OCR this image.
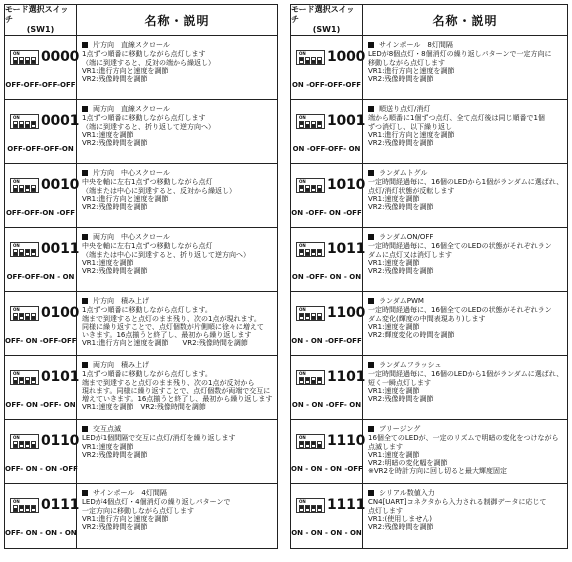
モード選択スイッチ
(SW1)
名称・説明
ON 0000
OFF-OFF-OFF-OFF
片方向　直線スクロール
1点ずつ順番に移動しながら点灯します
（端に到達すると、反対の端から繰返し）
VR1:進行方向と速度を調節
VR2:残像時間を調節
ON 0001
OFF-OFF-OFF-ON
両方向　直線スクロール
1点ずつ順番に移動しながら点灯します
（端に到達すると、折り返して逆方向へ）
VR1:速度を調節
VR2:残像時間を調節
ON 0010
OFF-OFF-ON -OFF
片方向　中心スクロール
中央を軸に左右1点ずつ移動しながら点灯
（端または中心に到達すると、反対から繰返し）
VR1:進行方向と速度を調節
VR2:残像時間を調節
ON 0011
OFF-OFF-ON - ON
両方向　中心スクロール
中央を軸に左右1点ずつ移動しながら点灯
（端または中心に到達すると、折り返して逆方向へ）
VR1:速度を調節
VR2:残像時間を調節
ON 0100
OFF- ON -OFF-OFF
片方向　積み上げ
1点ずつ順番に移動しながら点灯します。
端まで到達すると点灯のまま残り、次の1点が現れます。
同様に繰り返すことで、点灯個数が片側順に徐々に増えて
いきます。16点揃うと終了し、最初から繰り返します
VR1:進行方向と速度を調節　　VR2:残像時間を調節
ON 0101
OFF- ON -OFF- ON
両方向　積み上げ
1点ずつ順番に移動しながら点灯します。
端まで到達すると点灯のまま残り、次の1点が反対から
現れます。同様に繰り返すことで、点灯個数が両端で交互に
増えていきます。16点揃うと終了し、最初から繰り返します
VR1:速度を調節　VR2:残像時間を調節
ON 0110
OFF- ON - ON -OFF
交互点滅
LEDが1個間隔で交互に点灯/消灯を繰り返します
VR1:速度を調節
VR2:残像時間を調節
ON 0111
OFF- ON - ON - ON
サインポール　4灯間隔
LEDが4個点灯・4個消灯の繰り返しパターンで
一定方向に移動しながら点灯します
VR1:進行方向と速度を調節
VR2:残像時間を調節
モード選択スイッチ
(SW1)
名称・説明
ON 1000
ON -OFF-OFF-OFF
サインポール　8灯間隔
LEDが8個点灯・8個消灯の繰り返しパターンで一定方向に
移動しながら点灯します
VR1:進行方向と速度を調節
VR2:残像時間を調節
ON 1001
ON -OFF-OFF- ON
順送り点灯/消灯
端から順番に1個ずつ点灯、全て点灯後は同じ順番で1個
ずつ消灯し、以下繰り返し
VR1:進行方向と速度を調節
VR2:残像時間を調節
ON 1010
ON -OFF- ON -OFF
ランダムトグル
一定時間経過毎に、16個のLEDから1個がランダムに選ばれ、
点灯/消灯状態が反転します
VR1:速度を調節
VR2:残像時間を調節
ON 1011
ON -OFF- ON - ON
ランダムON/OFF
一定時間経過毎に、16個全てのLEDの状態がそれぞれラン
ダムに点灯又は消灯します
VR1:速度を調節
VR2:残像時間を調節
ON 1100
ON - ON -OFF-OFF
ランダムPWM
一定時間経過毎に、16個全てのLEDの状態がそれぞれラン
ダム変化(輝度の中間表現あり)します
VR1:速度を調節
VR2:輝度変化の時間を調節
ON 1101
ON - ON -OFF- ON
ランダムフラッシュ
一定時間経過毎に、16個のLEDから1個がランダムに選ばれ、
短く一瞬点灯します
VR1:速度を調節
VR2:残像時間を調節
ON 1110
ON - ON - ON -OFF
ブリージング
16個全てのLEDが、一定のリズムで明暗の変化をつけながら
点滅します
VR1:速度を調節
VR2:明暗の変化幅を調節
※VR2を時計方向に回し切ると最大輝度固定
ON 1111
ON - ON - ON - ON
シリアル数値入力
CN4[UART]コネクタから入力される制御データに応じて
点灯します
VR1:(使用しません)
VR2:残像時間を調節
